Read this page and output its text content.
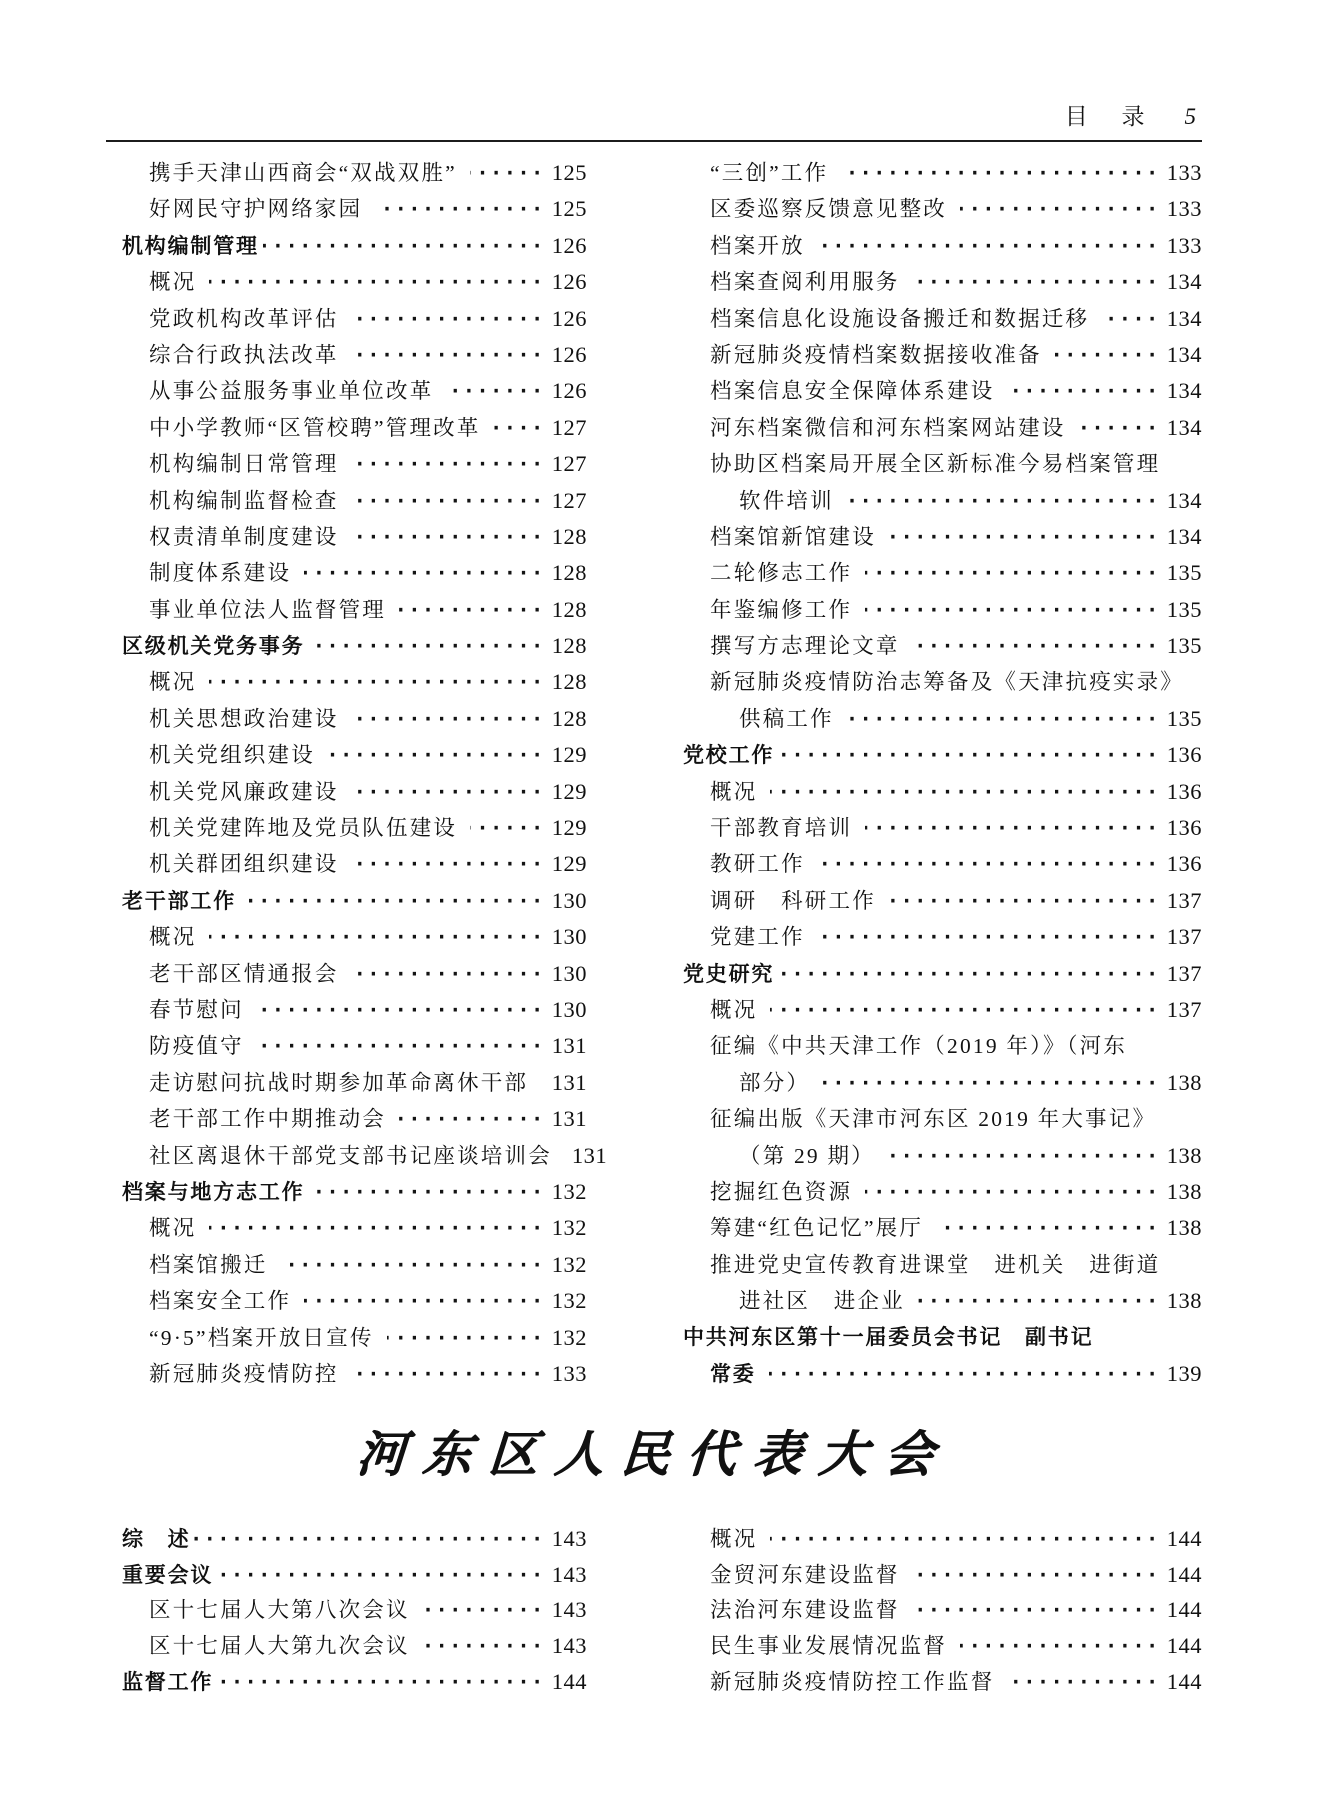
目 录 5
携手天津山西商会“双战双胜” ·····	125
好网民守护网络家园 ·····	125
机构编制管理 ·····	126
概况 ·····	126
党政机构改革评估 ·····	126
综合行政执法改革 ·····	126
从事公益服务事业单位改革 ·····	126
中小学教师“区管校聘”管理改革 ·····	127
机构编制日常管理 ·····	127
机构编制监督检查 ·····	127
权责清单制度建设 ·····	128
制度体系建设 ·····	128
事业单位法人监督管理 ·····	128
区级机关党务事务 ·····	128
概况 ·····	128
机关思想政治建设 ·····	128
机关党组织建设 ·····	129
机关党风廉政建设 ·····	129
机关党建阵地及党员队伍建设 ·····	129
机关群团组织建设 ·····	129
老干部工作 ·····	130
概况 ·····	130
老干部区情通报会 ·····	130
春节慰问 ·····	130
防疫值守 ·····	131
走访慰问抗战时期参加革命离休干部 ·····	131
老干部工作中期推动会 ·····	131
社区离退休干部党支部书记座谈培训会 131
档案与地方志工作 ·····	132
概况 ·····	132
档案馆搬迁 ·····	132
档案安全工作 ·····	132
“9·5”档案开放日宣传 ·····	132
新冠肺炎疫情防控 ·····	133
“三创”工作 ·····	133
区委巡察反馈意见整改 ·····	133
档案开放 ·····	133
档案查阅利用服务 ·····	134
档案信息化设施设备搬迁和数据迁移 ·····	134
新冠肺炎疫情档案数据接收准备 ·····	134
档案信息安全保障体系建设 ·····	134
河东档案微信和河东档案网站建设 ·····	134
协助区档案局开展全区新标准今易档案管理
软件培训 ·····	134
档案馆新馆建设 ·····	134
二轮修志工作 ·····	135
年鉴编修工作 ·····	135
撰写方志理论文章 ·····	135
新冠肺炎疫情防治志筹备及《天津抗疫实录》
供稿工作 ·····	135
党校工作 ·····	136
概况 ·····	136
干部教育培训 ·····	136
教研工作 ·····	136
调研　科研工作 ·····	137
党建工作 ·····	137
党史研究 ·····	137
概况 ·····	137
征编《中共天津工作（2019 年）》（河东
部分） ·····	138
征编出版《天津市河东区 2019 年大事记》
（第 29 期） ·····	138
挖掘红色资源 ·····	138
筹建“红色记忆”展厅 ·····	138
推进党史宣传教育进课堂　进机关　进街道
进社区　进企业 ·····	138
中共河东区第十一届委员会书记　副书记
常委 ·····	139
河东区人民代表大会
综　述 ·····	143
重要会议 ·····	143
区十七届人大第八次会议 ·····	143
区十七届人大第九次会议 ·····	143
监督工作 ·····	144
概况 ·····	144
金贸河东建设监督 ·····	144
法治河东建设监督 ·····	144
民生事业发展情况监督 ·····	144
新冠肺炎疫情防控工作监督 ·····	144
